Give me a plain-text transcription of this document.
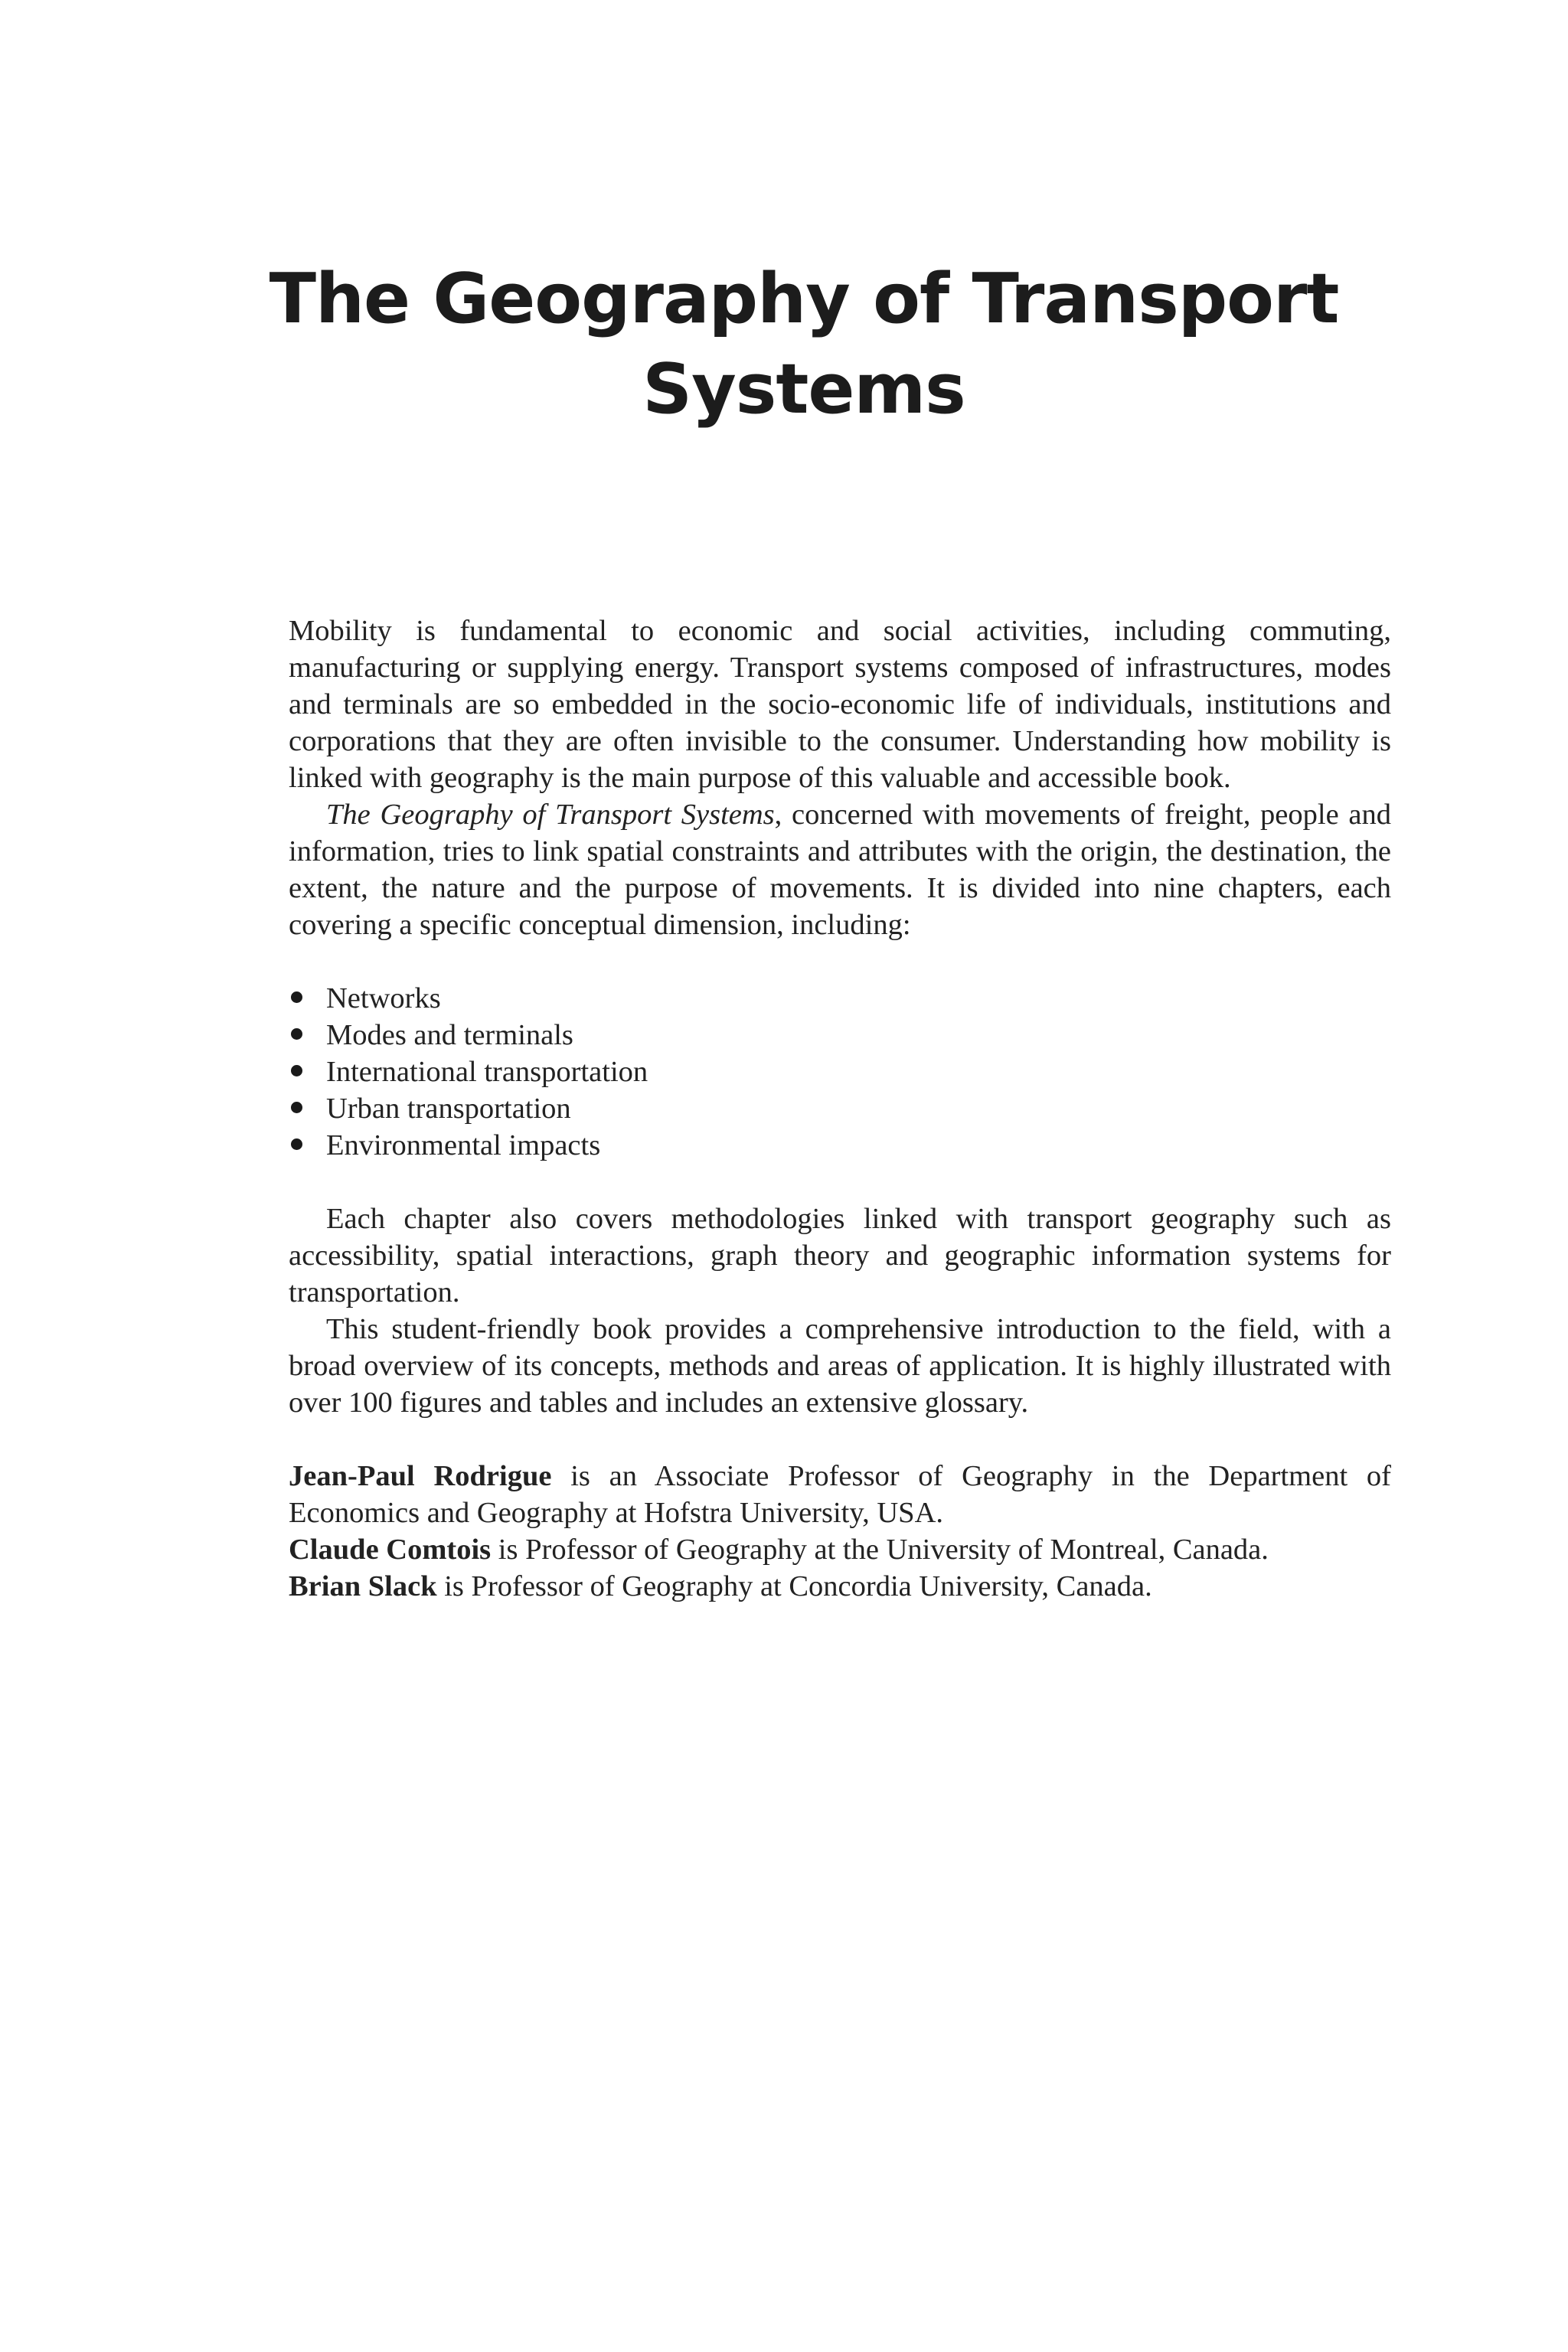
The Geography of Transport Systems

Mobility is fundamental to economic and social activities, including commuting, manufacturing or supplying energy. Transport systems composed of infrastructures, modes and terminals are so embedded in the socio-economic life of individuals, institutions and corporations that they are often invisible to the consumer. Understanding how mobility is linked with geography is the main purpose of this valuable and accessible book.

The Geography of Transport Systems, concerned with movements of freight, people and information, tries to link spatial constraints and attributes with the origin, the destination, the extent, the nature and the purpose of movements. It is divided into nine chapters, each covering a specific conceptual dimension, including:

Networks
Modes and terminals
International transportation
Urban transportation
Environmental impacts

Each chapter also covers methodologies linked with transport geography such as accessibility, spatial interactions, graph theory and geographic information systems for transportation.

This student-friendly book provides a comprehensive introduction to the field, with a broad overview of its concepts, methods and areas of application. It is highly illustrated with over 100 figures and tables and includes an extensive glossary.

Jean-Paul Rodrigue is an Associate Professor of Geography in the Department of Economics and Geography at Hofstra University, USA.

Claude Comtois is Professor of Geography at the University of Montreal, Canada.

Brian Slack is Professor of Geography at Concordia University, Canada.
